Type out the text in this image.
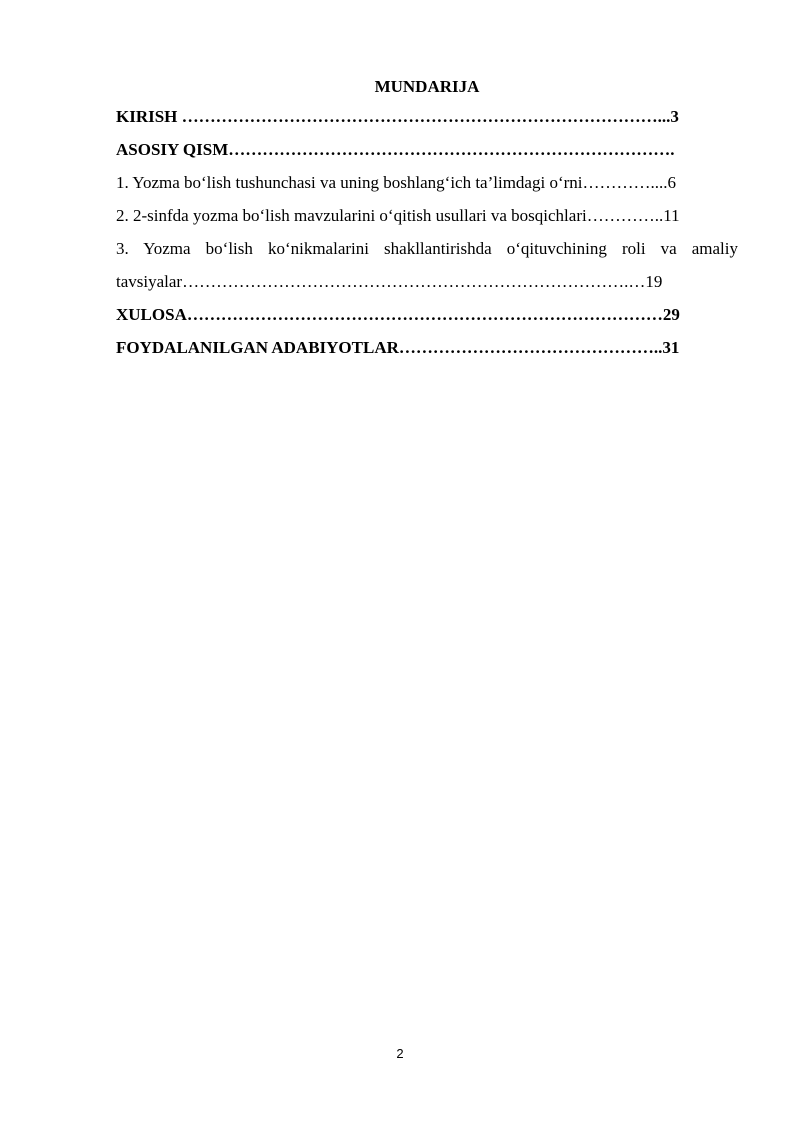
MUNDARIJA
KIRISH …………………………………………………………………………...3
ASOSIY QISM…………………………………………………………………….
1. Yozma bo‘lish tushunchasi va uning boshlang‘ich ta’limdagi o‘rni…………....6
2. 2-sinfda yozma bo‘lish mavzularini o‘qitish usullari va bosqichlari…………..11
3. Yozma bo‘lish ko‘nikmalarini shakllantirishda o‘qituvchining roli va amaliy
tavsiyalar…………………………………………………………………….…19
XULOSA…………………………………………………………………………29
FOYDALANILGAN ADABIYOTLAR………………………………………..31
2
